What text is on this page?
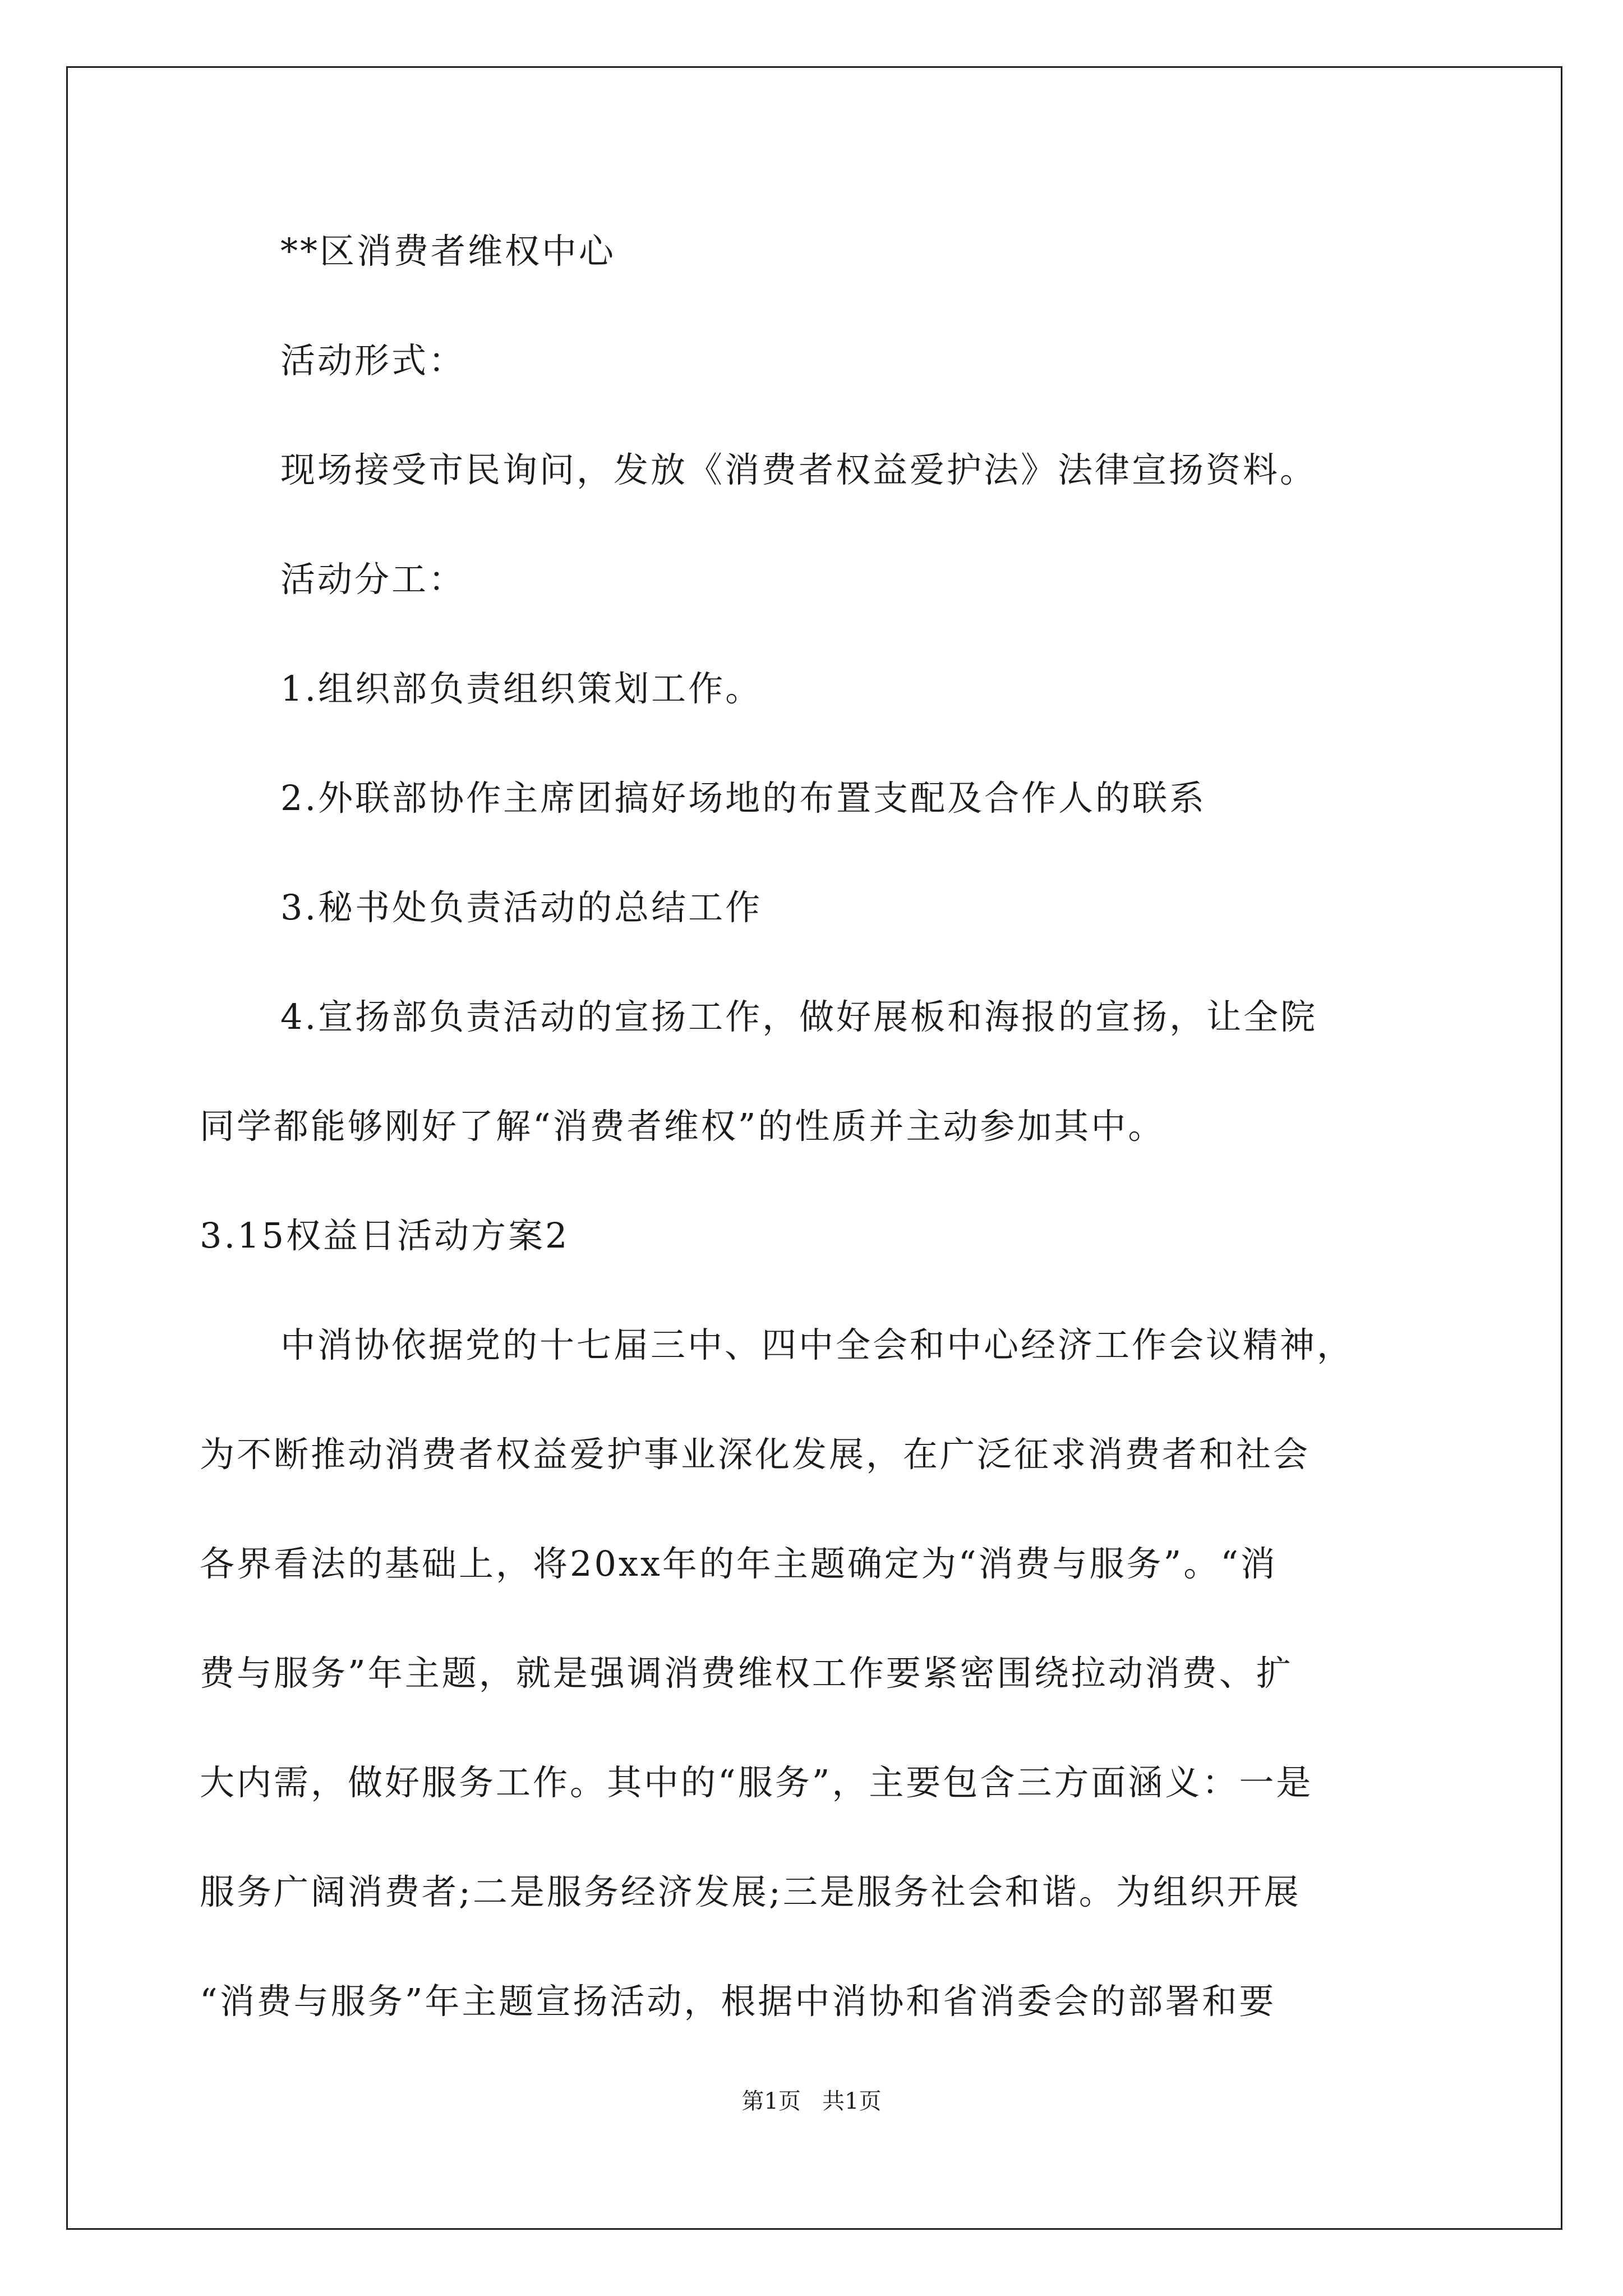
**区消费者维权中心
活动形式：
现场接受市民询问，发放《消费者权益爱护法》法律宣扬资料。
活动分工：
1.组织部负责组织策划工作。
2.外联部协作主席团搞好场地的布置支配及合作人的联系
3.秘书处负责活动的总结工作
4.宣扬部负责活动的宣扬工作，做好展板和海报的宣扬，让全院
同学都能够刚好了解“消费者维权”的性质并主动参加其中。
3.15权益日活动方案2
中消协依据党的十七届三中、四中全会和中心经济工作会议精神，
为不断推动消费者权益爱护事业深化发展，在广泛征求消费者和社会
各界看法的基础上，将20xx年的年主题确定为“消费与服务”。“消
费与服务”年主题，就是强调消费维权工作要紧密围绕拉动消费、扩
大内需，做好服务工作。其中的“服务”，主要包含三方面涵义：一是
服务广阔消费者;二是服务经济发展;三是服务社会和谐。为组织开展
“消费与服务”年主题宣扬活动，根据中消协和省消委会的部署和要
第1页   共1页
